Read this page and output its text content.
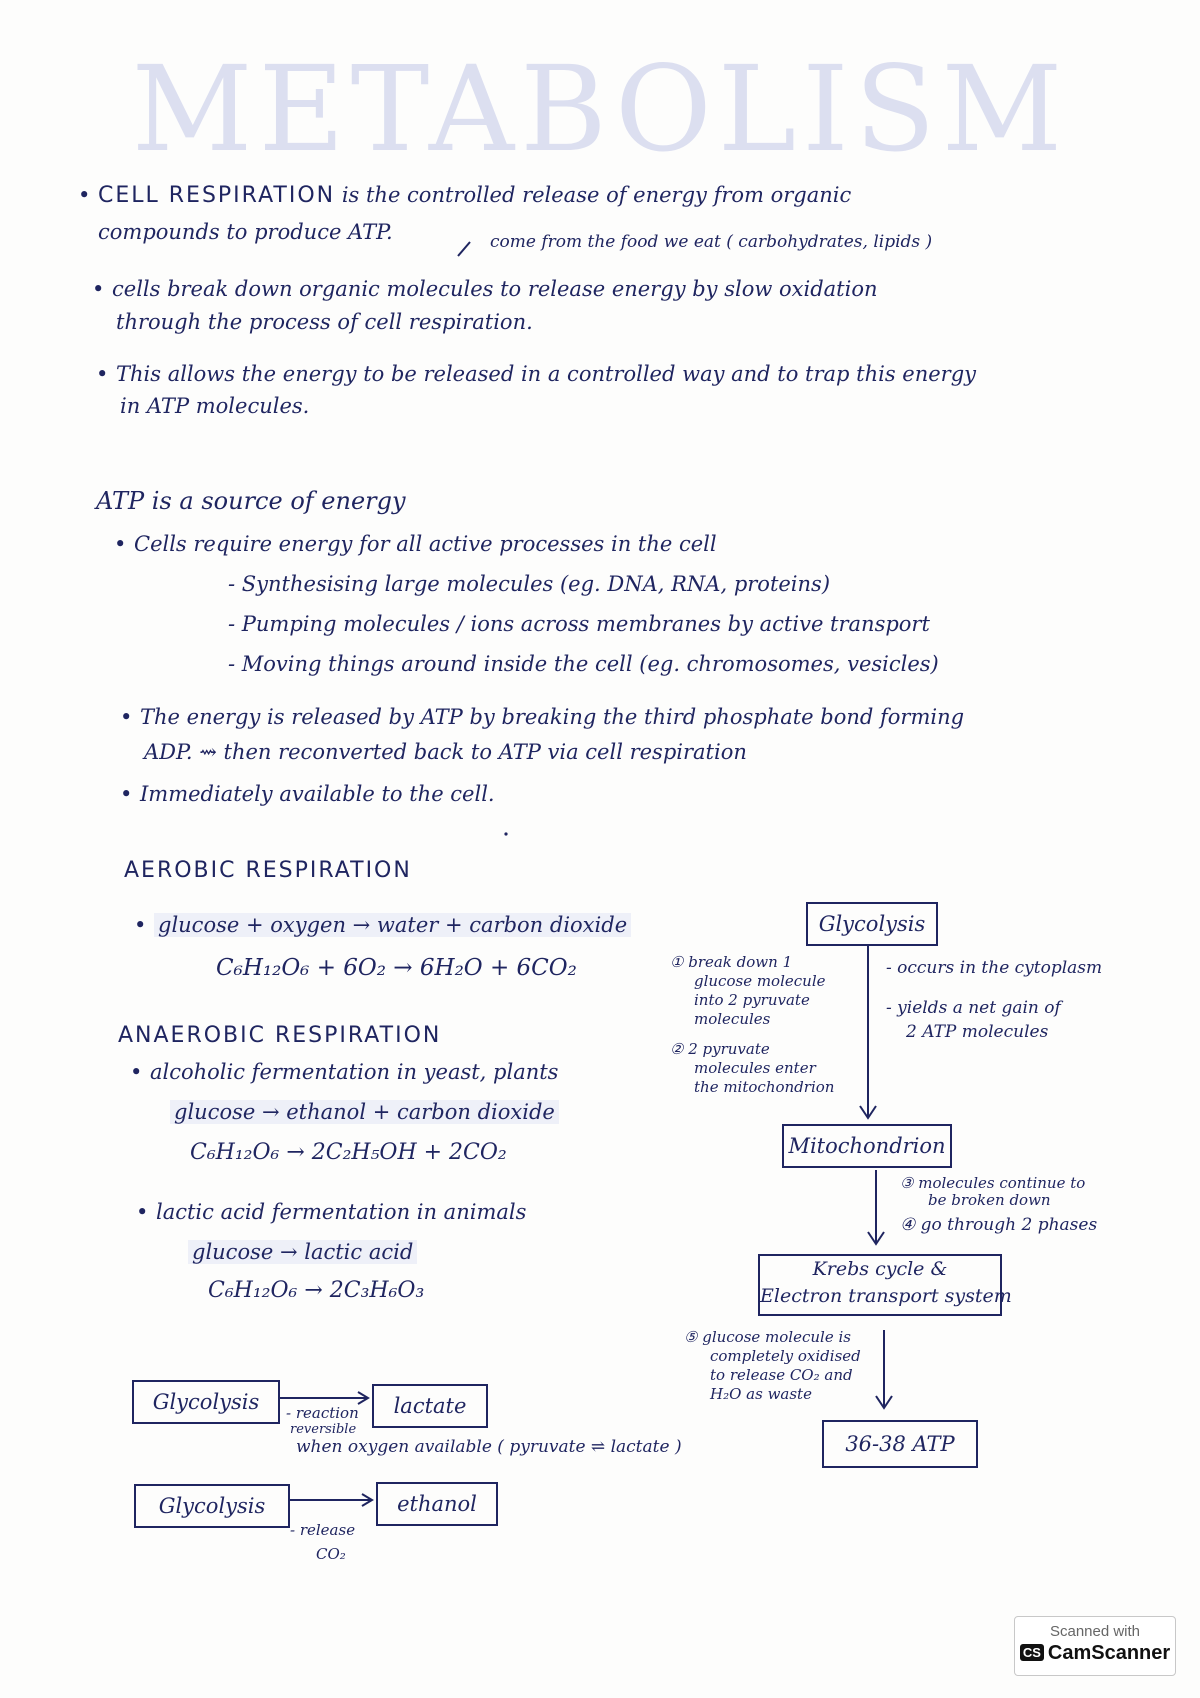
METABOLISM
• CELL RESPIRATION is the controlled release of energy from organic
compounds to produce ATP.	come from the food we eat ( carbohydrates, lipids )
• cells break down organic molecules to release energy by slow oxidation
through the process of cell respiration.
• This allows the energy to be released in a controlled way and to trap this energy
in ATP molecules.
ATP is a source of energy
• Cells require energy for all active processes in the cell
- Synthesising large molecules (eg. DNA, RNA, proteins)
- Pumping molecules / ions across membranes by active transport
- Moving things around inside the cell (eg. chromosomes, vesicles)
• The energy is released by ATP by breaking the third phosphate bond forming
ADP. ⇝ then reconverted back to ATP via cell respiration
• Immediately available to the cell.
AEROBIC RESPIRATION
• glucose + oxygen → water + carbon dioxide
C₆H₁₂O₆ + 6O₂ → 6H₂O + 6CO₂
ANAEROBIC RESPIRATION
• alcoholic fermentation in yeast, plants
glucose → ethanol + carbon dioxide
C₆H₁₂O₆ → 2C₂H₅OH + 2CO₂
• lactic acid fermentation in animals
glucose → lactic acid
C₆H₁₂O₆ → 2C₃H₆O₃
Glycolysis
① break down 1
glucose molecule
into 2 pyruvate
molecules
② 2 pyruvate
molecules enter
the mitochondrion
- occurs in the cytoplasm
- yields a net gain of
2 ATP molecules
Mitochondrion
③ molecules continue to
be broken down
④ go through 2 phases
Krebs cycle &
Electron transport system
⑤ glucose molecule is
completely oxidised
to release CO₂ and
H₂O as waste
36-38 ATP
Glycolysis	lactate
- reaction
reversible
when oxygen available ( pyruvate ⇌ lactate )
Glycolysis	ethanol
- release
CO₂
Scanned with
CS CamScanner
